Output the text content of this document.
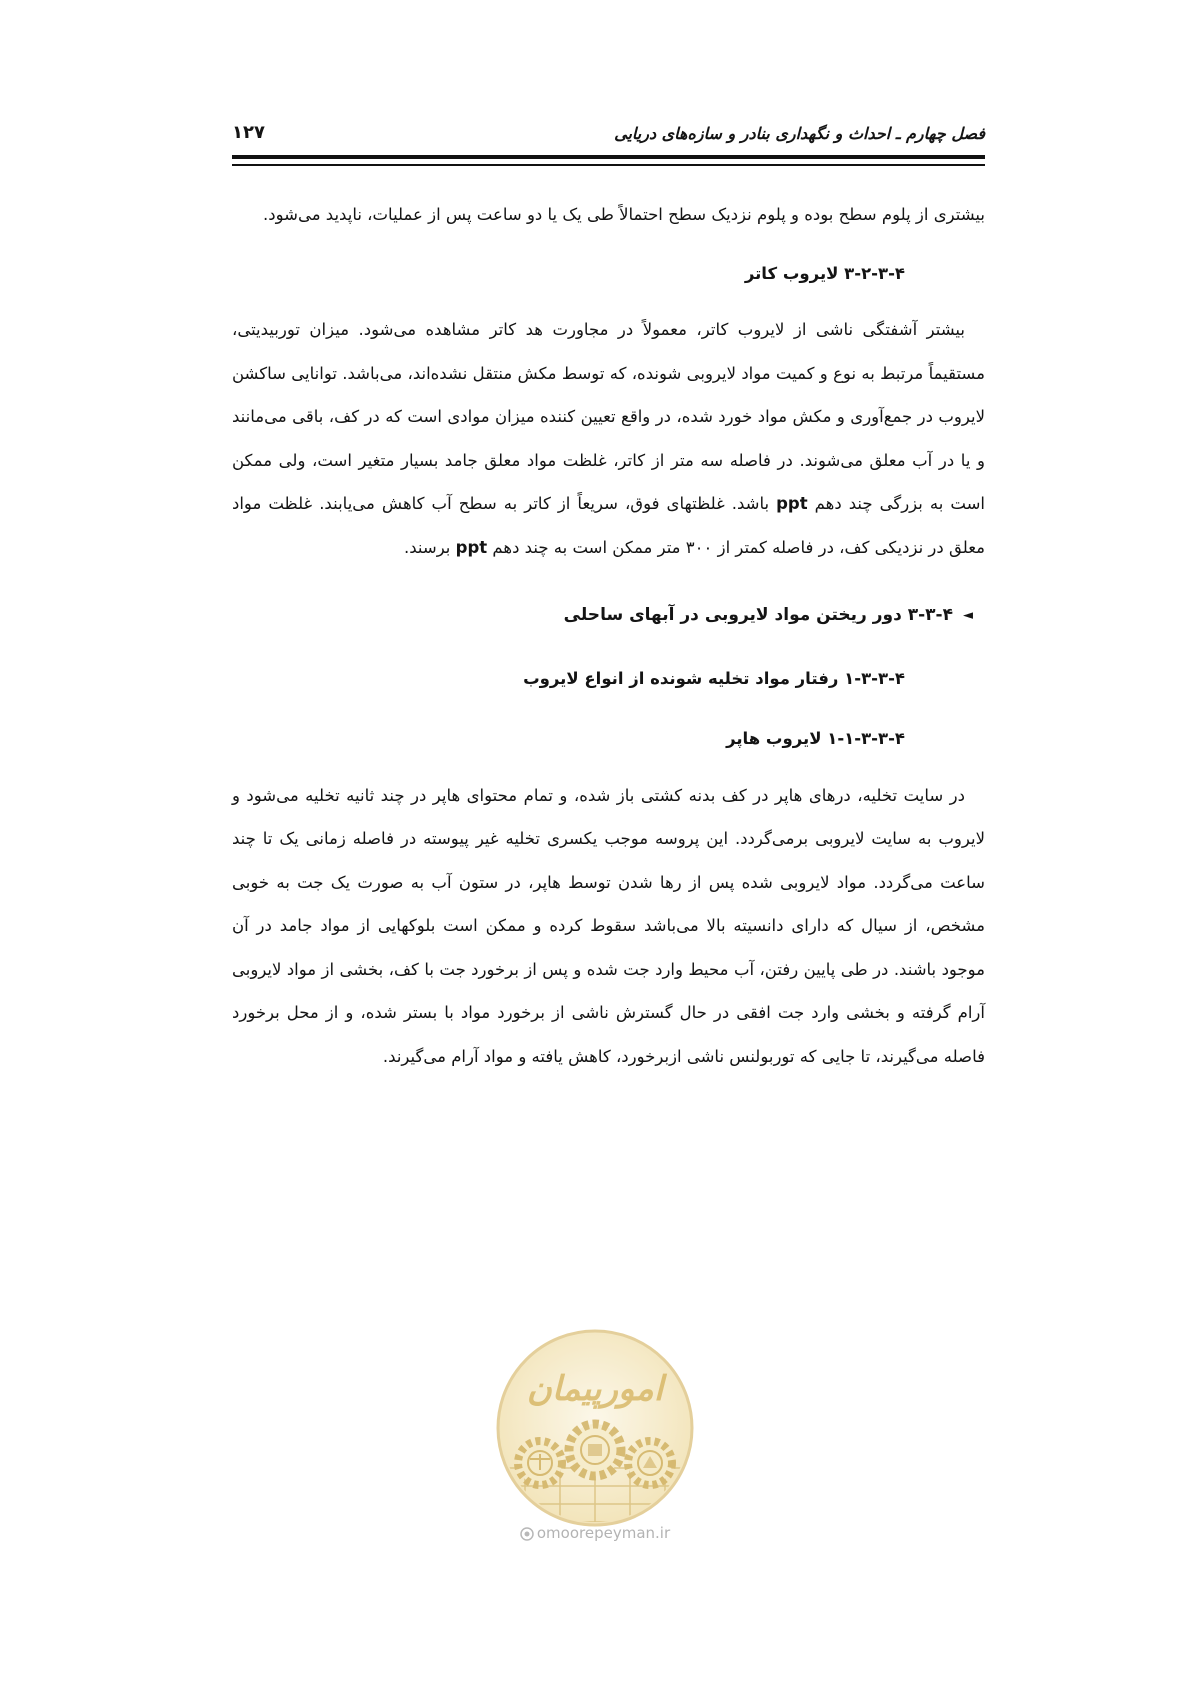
فصل چهارم ـ احداث و نگهداری بنادر و سازه‌های دریایی
۱۲۷

بیشتری از پلوم سطح بوده و پلوم نزدیک سطح احتمالاً طی یک یا دو ساعت پس از عملیات، ناپدید می‌شود.

۴-۳-۲-۳ لایروب کاتر

بیشتر آشفتگی ناشی از لایروب کاتر، معمولاً در مجاورت هد کاتر مشاهده می‌شود. میزان توربیدیتی، مستقیماً مرتبط به نوع و کمیت مواد لایروبی شونده، که توسط مکش منتقل نشده‌اند، می‌باشد. توانایی ساکشن لایروب در جمع‌آوری و مکش مواد خورد شده، در واقع تعیین کننده میزان موادی است که در کف، باقی می‌مانند و یا در آب معلق می‌شوند. در فاصله سه متر از کاتر، غلظت مواد معلق جامد بسیار متغیر است، ولی ممکن است به بزرگی چند دهم ppt باشد. غلظتهای فوق، سریعاً از کاتر به سطح آب کاهش می‌یابند. غلظت مواد معلق در نزدیکی کف، در فاصله کمتر از ۳۰۰ متر ممکن است به چند دهم ppt برسند.

◄۴-۳-۳ دور ریختن مواد لایروبی در آبهای ساحلی
۴-۳-۳-۱ رفتار مواد تخلیه شونده از انواع لایروب
۴-۳-۳-۱-۱ لایروب هاپر

در سایت تخلیه، درهای هاپر در کف بدنه کشتی باز شده، و تمام محتوای هاپر در چند ثانیه تخلیه می‌شود و لایروب به سایت لایروبی برمی‌گردد. این پروسه موجب یکسری تخلیه غیر پیوسته در فاصله زمانی یک تا چند ساعت می‌گردد. مواد لایروبی شده پس از رها شدن توسط هاپر، در ستون آب به صورت یک جت به خوبی مشخص، از سیال که دارای دانسیته بالا می‌باشد سقوط کرده و ممکن است بلوکهایی از مواد جامد در آن موجود باشند. در طی پایین رفتن، آب محیط وارد جت شده و پس از برخورد جت با کف، بخشی از مواد لایروبی آرام گرفته و بخشی وارد جت افقی در حال گسترش ناشی از برخورد مواد با بستر شده، و از محل برخورد فاصله می‌گیرند، تا جایی که توربولنس ناشی ازبرخورد، کاهش یافته و مواد آرام می‌گیرند.

امورپیمان
omoorepeyman.ir
